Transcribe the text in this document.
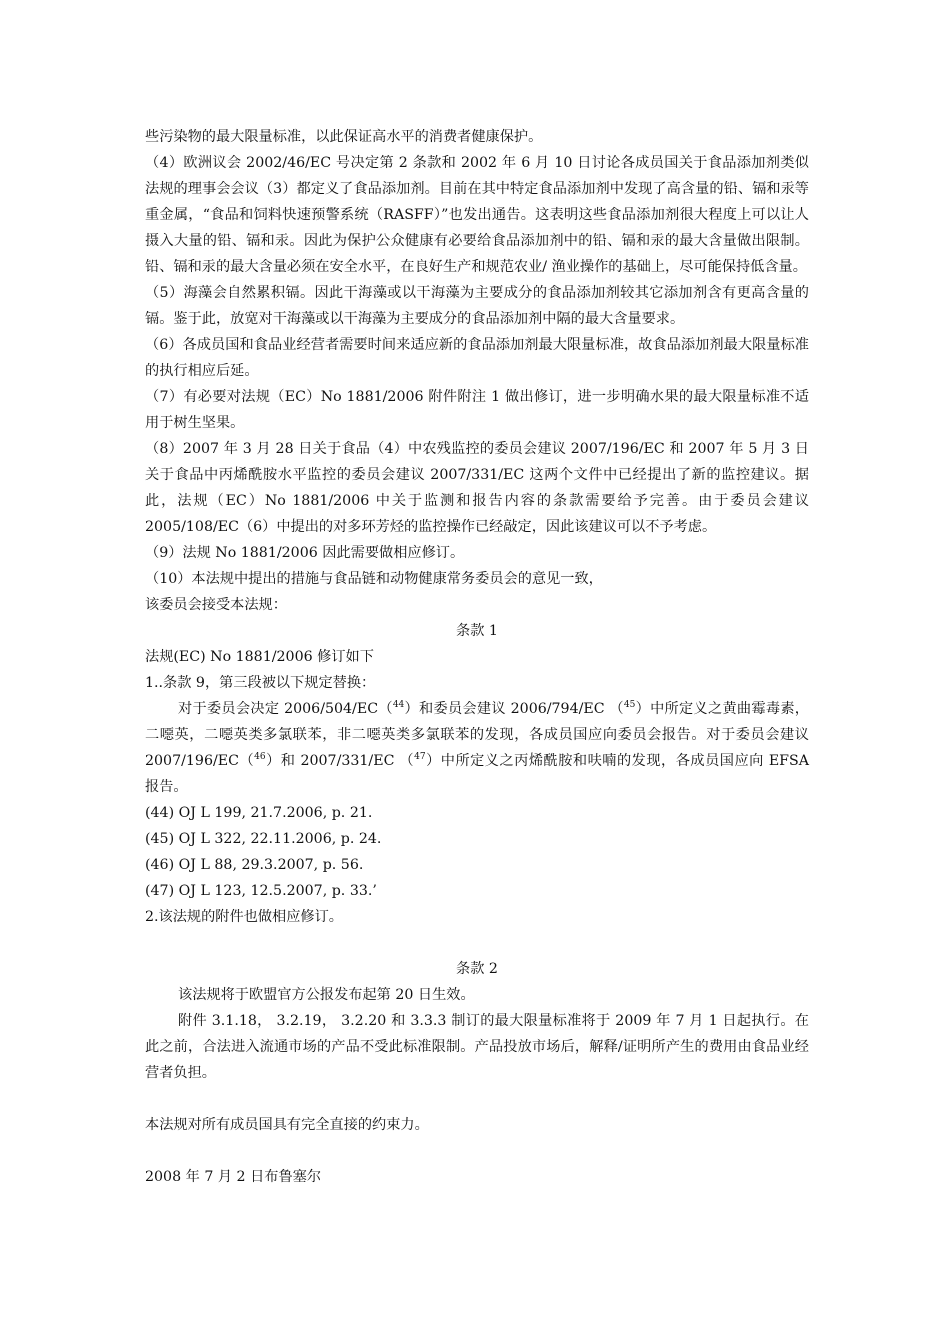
些污染物的最大限量标准，以此保证高水平的消费者健康保护。

（4）欧洲议会 2002/46/EC 号决定第 2 条款和 2002 年 6 月 10 日讨论各成员国关于食品添加剂类似法规的理事会会议（3）都定义了食品添加剂。目前在其中特定食品添加剂中发现了高含量的铅、镉和汞等重金属，“食品和饲料快速预警系统（RASFF）”也发出通告。这表明这些食品添加剂很大程度上可以让人摄入大量的铅、镉和汞。因此为保护公众健康有必要给食品添加剂中的铅、镉和汞的最大含量做出限制。铅、镉和汞的最大含量必须在安全水平，在良好生产和规范农业/ 渔业操作的基础上，尽可能保持低含量。

（5）海藻会自然累积镉。因此干海藻或以干海藻为主要成分的食品添加剂较其它添加剂含有更高含量的镉。鉴于此，放宽对干海藻或以干海藻为主要成分的食品添加剂中隔的最大含量要求。

（6）各成员国和食品业经营者需要时间来适应新的食品添加剂最大限量标准，故食品添加剂最大限量标准的执行相应后延。

（7）有必要对法规（EC）No 1881/2006 附件附注 1 做出修订，进一步明确水果的最大限量标准不适用于树生坚果。

（8）2007 年 3 月 28 日关于食品（4）中农残监控的委员会建议 2007/196/EC 和 2007 年 5 月 3 日关于食品中丙烯酰胺水平监控的委员会建议 2007/331/EC 这两个文件中已经提出了新的监控建议。据此，法规（EC）No 1881/2006 中关于监测和报告内容的条款需要给予完善。由于委员会建议 2005/108/EC（6）中提出的对多环芳烃的监控操作已经敲定，因此该建议可以不予考虑。

（9）法规 No 1881/2006 因此需要做相应修订。

（10）本法规中提出的措施与食品链和动物健康常务委员会的意见一致，

该委员会接受本法规：

条款 1

法规(EC) No 1881/2006 修订如下

1..条款 9，第三段被以下规定替换：

对于委员会决定 2006/504/EC（$^{44}$）和委员会建议 2006/794/EC （$^{45}$）中所定义之黄曲霉毒素，二噁英，二噁英类多氯联苯，非二噁英类多氯联苯的发现，各成员国应向委员会报告。对于委员会建议 2007/196/EC（$^{46}$）和 2007/331/EC （$^{47}$）中所定义之丙烯酰胺和呋喃的发现，各成员国应向 EFSA 报告。

(44) OJ L 199, 21.7.2006, p. 21.

(45) OJ L 322, 22.11.2006, p. 24.

(46) OJ L 88, 29.3.2007, p. 56.

(47) OJ L 123, 12.5.2007, p. 33.’

2.该法规的附件也做相应修订。

条款 2

该法规将于欧盟官方公报发布起第 20 日生效。

附件 3.1.18， 3.2.19， 3.2.20 和 3.3.3 制订的最大限量标准将于 2009 年 7 月 1 日起执行。在此之前，合法进入流通市场的产品不受此标准限制。产品投放市场后，解释/证明所产生的费用由食品业经营者负担。

本法规对所有成员国具有完全直接的约束力。

2008 年 7 月 2 日布鲁塞尔
